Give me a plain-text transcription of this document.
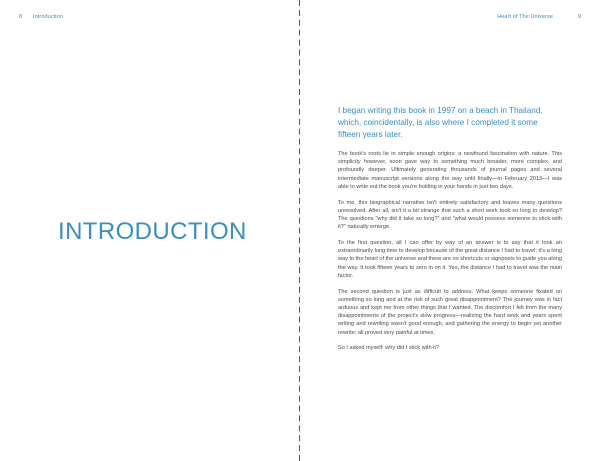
8 Introduction
INTRODUCTION
Heart of The Universe	9

I began writing this book in 1997 on a beach in Thailand, which, coincidentally, is also where I completed it some fifteen years later.

The book's roots lie in simple enough origins: a newfound fascination with nature. This simplicity however, soon gave way to something much broader, more complex, and profoundly deeper. Ultimately generating thousands of journal pages and several intermediate manuscript versions along the way until finally—in February 2013—I was able to write out the book you're holding in your hands in just two days.

To me, this biographical narrative isn't entirely satisfactory and leaves many questions unresolved. After all, isn't it a bit strange that such a short work took so long to develop? The questions "why did it take so long?" and "what would possess someone to stick with it?" naturally emerge.

To the first question, all I can offer by way of an answer is to say that it took an extraordinarily long time to develop because of the great distance I had to travel; it's a long way to the heart of the universe and there are no shortcuts or signposts to guide you along the way. It took fifteen years to zero in on it. Yes, the distance I had to travel was the main factor.

The second question is just as difficult to address. What keeps someone fixated on something so long and at the risk of such great disappointment? The journey was in fact arduous and kept me from other things that I wanted. The discomfort I felt from the many disappointments of the project's slow progress—realizing the hard work and years spent writing and rewriting wasn't good enough, and gathering the energy to begin yet another rewrite; all proved very painful at times.

So I asked myself: why did I stick with it?
